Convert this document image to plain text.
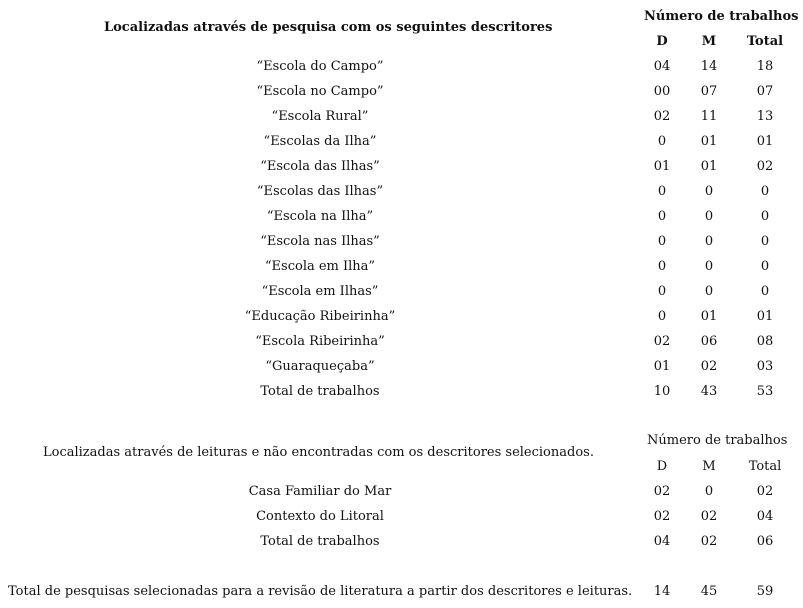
Localizadas através de pesquisa com os seguintes descritores
Número de trabalhos
D	M	Total
“Escola do Campo”	04	14	18
“Escola no Campo”	00	07	07
“Escola Rural”	02	11	13
“Escolas da Ilha”	0	01	01
“Escola das Ilhas”	01	01	02
“Escolas das Ilhas”	0	0	0
“Escola na Ilha”	0	0	0
“Escola nas Ilhas”	0	0	0
“Escola em Ilha”	0	0	0
“Escola em Ilhas”	0	0	0
“Educação Ribeirinha”	0	01	01
“Escola Ribeirinha”	02	06	08
“Guaraqueçaba”	01	02	03
Total de trabalhos	10	43	53
Localizadas através de leituras e não encontradas com os descritores selecionados.
Número de trabalhos
D	M	Total
Casa Familiar do Mar	02	0	02
Contexto do Litoral	02	02	04
Total de trabalhos	04	02	06
Total de pesquisas selecionadas para a revisão de literatura a partir dos descritores e leituras.	14	45	59
